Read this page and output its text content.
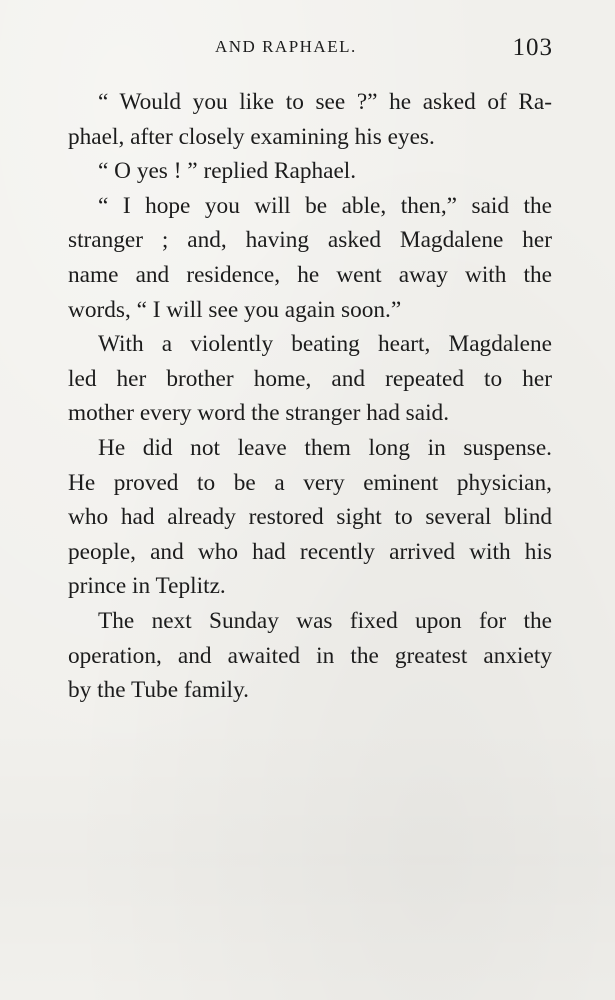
AND RAPHAEL.	103
“ Would you like to see ?” he asked of Ra-
phael, after closely examining his eyes.
“ O yes ! ” replied Raphael.
“ I hope you will be able, then,” said the
stranger ; and, having asked Magdalene her
name and residence, he went away with the
words, “ I will see you again soon.”
With a violently beating heart, Magdalene
led her brother home, and repeated to her
mother every word the stranger had said.
He did not leave them long in suspense.
He proved to be a very eminent physician,
who had already restored sight to several blind
people, and who had recently arrived with his
prince in Teplitz.
The next Sunday was fixed upon for the
operation, and awaited in the greatest anxiety
by the Tube family.
